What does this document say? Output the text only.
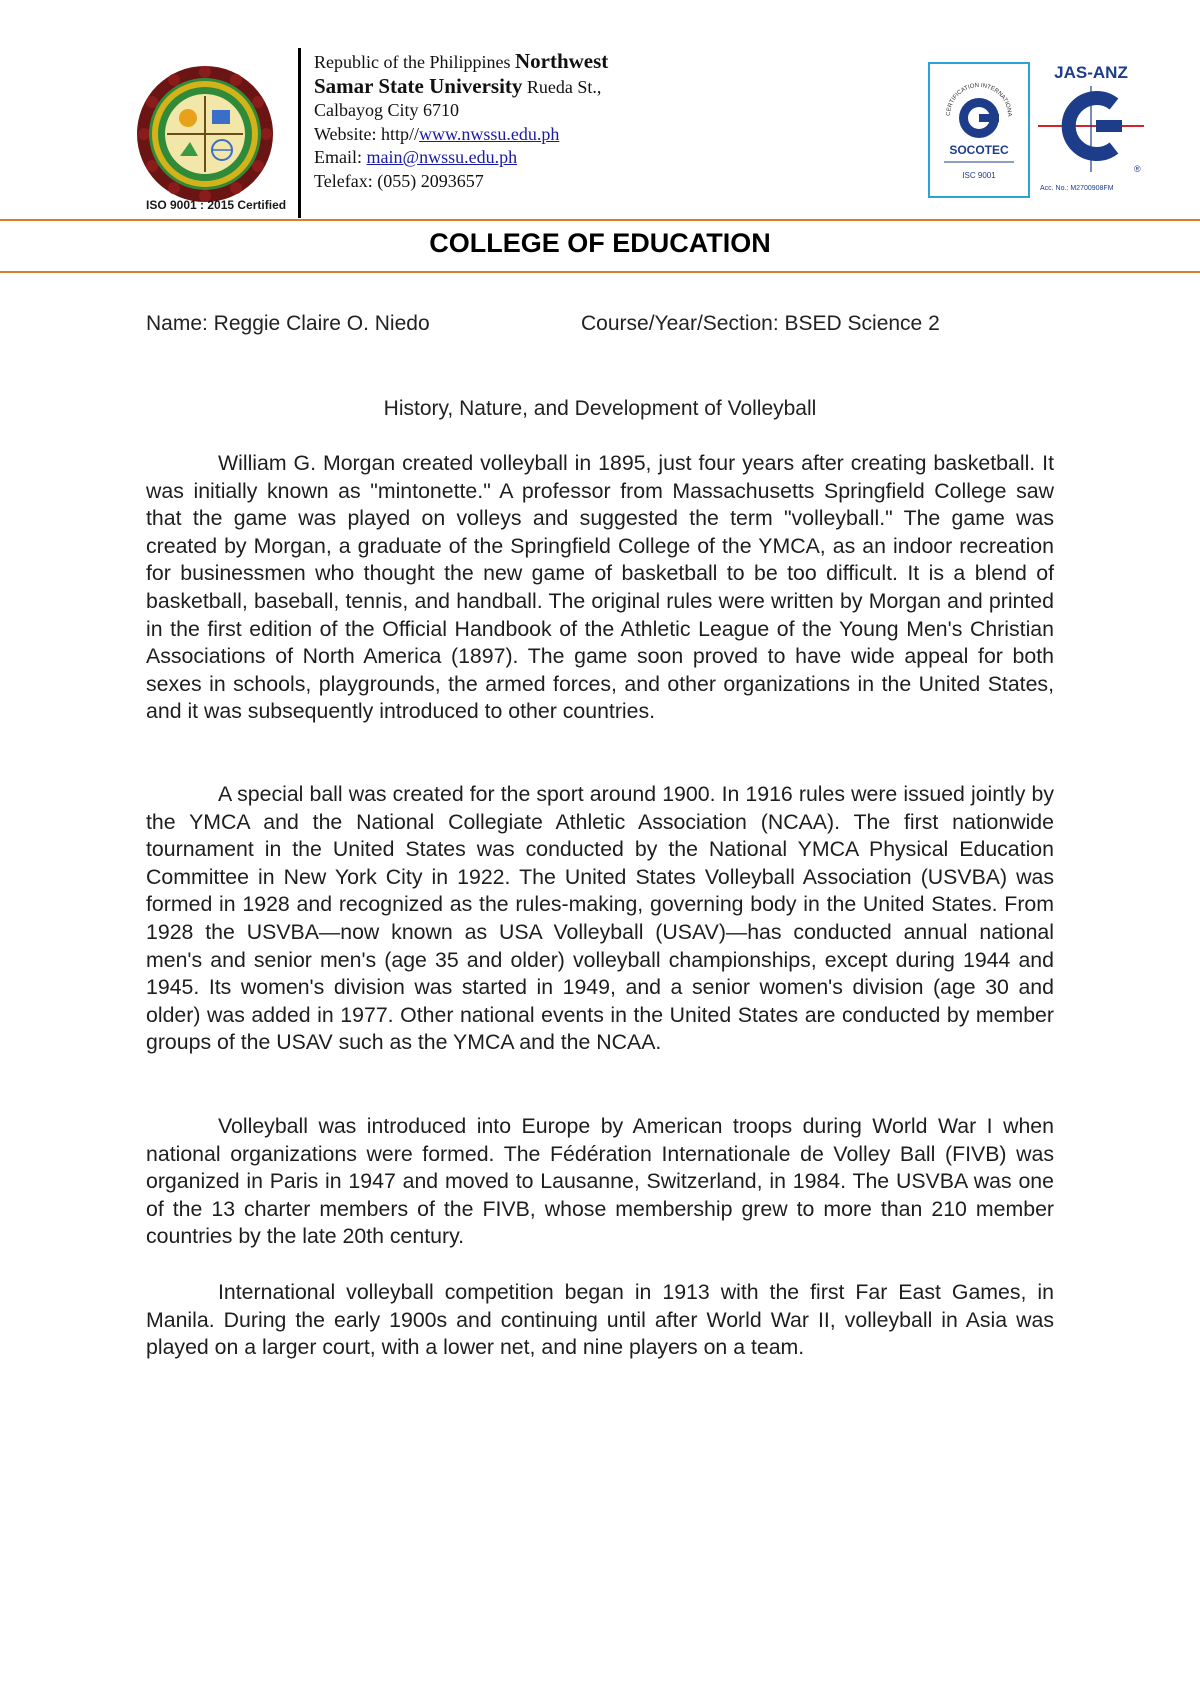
ISO 9001 : 2015 Certified
Republic of the Philippines Northwest
Samar State University Rueda St.,
Calbayog City 6710
Website: http//www.nwssu.edu.ph
Email: main@nwssu.edu.ph
Telefax: (055) 2093657
CERTIFICATION INTERNATIONA
SOCOTEC
ISC 9001
JAS-ANZ
®
Acc. No.: M2700908FM
COLLEGE OF EDUCATION
Name: Reggie Claire O. Niedo	Course/Year/Section: BSED Science 2
History, Nature, and Development of Volleyball

William G. Morgan created volleyball in 1895, just four years after creating basketball. It was initially known as "mintonette." A professor from Massachusetts Springfield College saw that the game was played on volleys and suggested the term "volleyball." The game was created by Morgan, a graduate of the Springfield College of the YMCA, as an indoor recreation for businessmen who thought the new game of basketball to be too difficult. It is a blend of basketball, baseball, tennis, and handball. The original rules were written by Morgan and printed in the first edition of the Official Handbook of the Athletic League of the Young Men's Christian Associations of North America (1897). The game soon proved to have wide appeal for both sexes in schools, playgrounds, the armed forces, and other organizations in the United States, and it was subsequently introduced to other countries.

A special ball was created for the sport around 1900. In 1916 rules were issued jointly by the YMCA and the National Collegiate Athletic Association (NCAA). The first nationwide tournament in the United States was conducted by the National YMCA Physical Education Committee in New York City in 1922. The United States Volleyball Association (USVBA) was formed in 1928 and recognized as the rules-making, governing body in the United States. From 1928 the USVBA—now known as USA Volleyball (USAV)—has conducted annual national men's and senior men's (age 35 and older) volleyball championships, except during 1944 and 1945. Its women's division was started in 1949, and a senior women's division (age 30 and older) was added in 1977. Other national events in the United States are conducted by member groups of the USAV such as the YMCA and the NCAA.

Volleyball was introduced into Europe by American troops during World War I when national organizations were formed. The Fédération Internationale de Volley Ball (FIVB) was organized in Paris in 1947 and moved to Lausanne, Switzerland, in 1984. The USVBA was one of the 13 charter members of the FIVB, whose membership grew to more than 210 member countries by the late 20th century.

International volleyball competition began in 1913 with the first Far East Games, in Manila. During the early 1900s and continuing until after World War II, volleyball in Asia was played on a larger court, with a lower net, and nine players on a team.
